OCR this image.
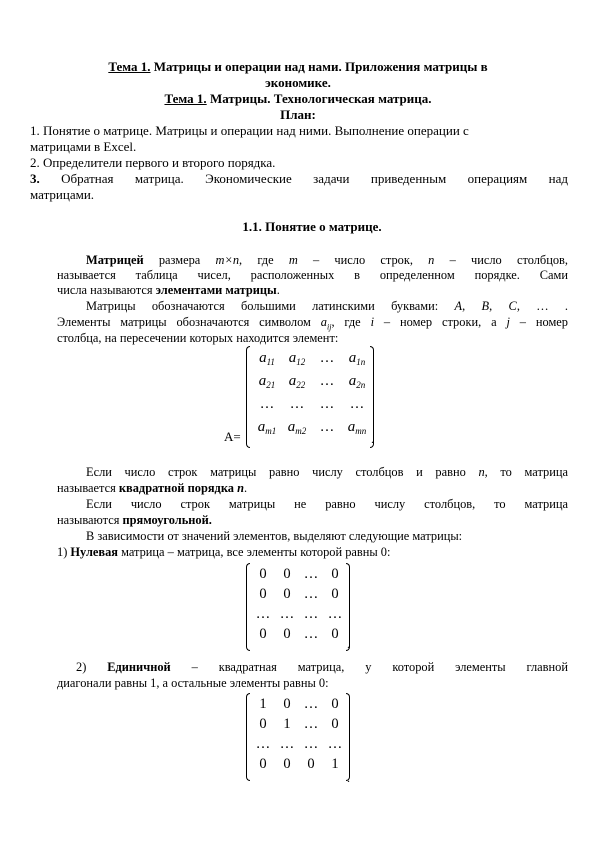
Тема 1. Матрицы и операции над нами. Приложения матрицы в
экономике.
Тема 1. Матрицы. Технологическая матрица.
План:
1. Понятие о матрице. Матрицы и операции над ними. Выполнение операции с
матрицами в Excel.
2. Определители первого и второго порядка.
3. Обратная матрица. Экономические задачи приведенным операциям над
матрицами.
1.1. Понятие о матрице.
Матрицей размера m×n, где m – число строк, n – число столбцов,
называется таблица чисел, расположенных в определенном порядке. Сами
числа называются элементами матрицы.
Матрицы обозначаются большими латинскими буквами: A, B, C, … .
Элементы матрицы обозначаются символом $a_{ij}$, где i – номер строки, а j – номер
столбца, на пересечении которых находится элемент:
A=
$a_{11}$ $a_{12}$	… $a_{1n}$
$a_{21}$ $a_{22}$	… $a_{2n}$
…	…	…	…
$a_{m1}$ $a_{m2}$ … $a_{mn}$
.
Если число строк матрицы равно числу столбцов и равно n, то матрица
называется квадратной порядка n.
Если число строк матрицы не равно числу столбцов, то матрица
называются прямоугольной.
В зависимости от значений элементов, выделяют следующие матрицы:
1) Нулевая матрица – матрица, все элементы которой равны 0:
0	0 … 0
0	0 … 0
… … … …
0	0 … 0
.
2) Единичной – квадратная матрица, у которой элементы главной
диагонали равны 1, а остальные элементы равны 0:
1	0 … 0
0	1 … 0
… … … …
0	0	0	1
.
